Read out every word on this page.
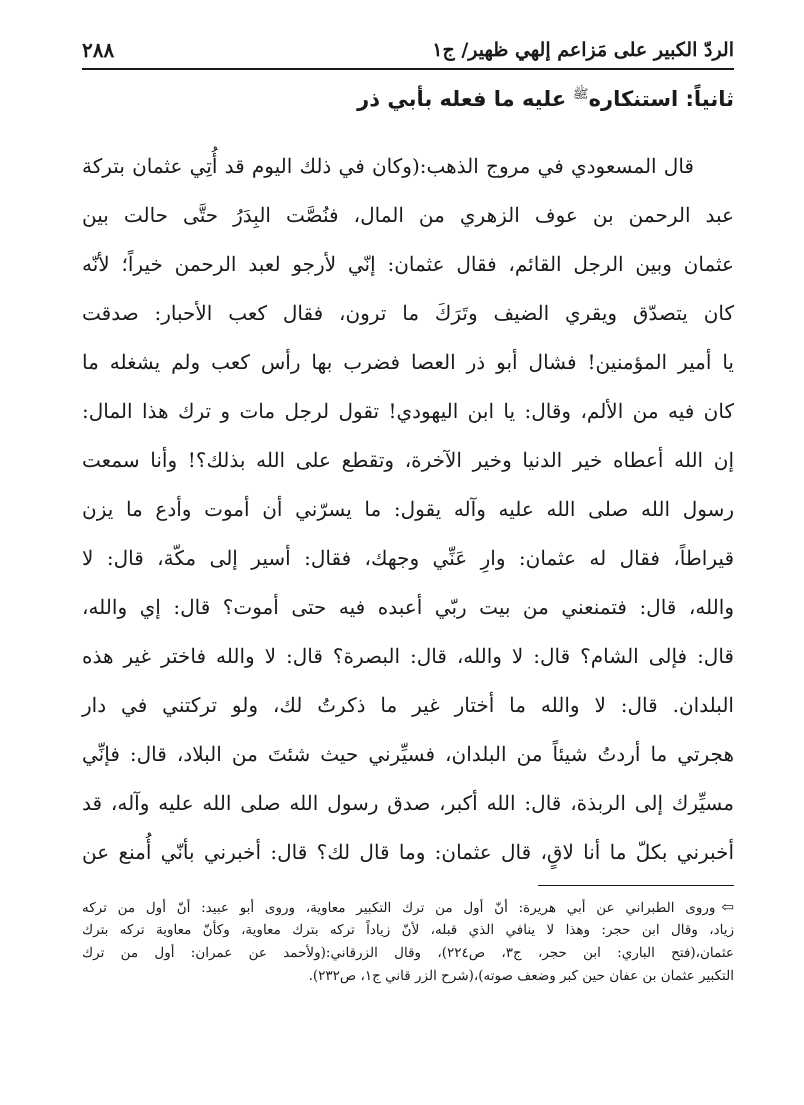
الردّ الكبير على مَزاعم إلهي ظهير/ ج١
٢٨٨
ثانياً: استنكاره$^ﷺ$ عليه ما فعله بأبي ذر
قال المسعودي في مروج الذهب:(وكان في ذلك اليوم قد أُتِي عثمان بتركة
عبد الرحمن بن عوف الزهري من المال، فنُصَّت البِدَرُ حتَّى حالت بين
عثمان وبين الرجل القائم، فقال عثمان: إنّي لأرجو لعبد الرحمن خيراً؛ لأنّه
كان يتصدّق ويقري الضيف وتَرَكَ ما ترون، فقال كعب الأحبار: صدقت
يا أمير المؤمنين! فشال أبو ذر العصا فضرب بها رأس كعب ولم يشغله ما
كان فيه من الألم، وقال: يا ابن اليهودي! تقول لرجل مات و ترك هذا المال:
إن الله أعطاه خير الدنيا وخير الآخرة، وتقطع على الله بذلك؟! وأنا سمعت
رسول الله صلى الله عليه وآله يقول: ما يسرّني أن أموت وأدع ما يزن
قيراطاً، فقال له عثمان: وارِ عَنِّي وجهك، فقال: أسير إلى مكّة، قال: لا
والله، قال: فتمنعني من بيت ربّي أعبده فيه حتى أموت؟ قال: إي والله،
قال: فإلى الشام؟ قال: لا والله، قال: البصرة؟ قال: لا والله فاختر غير هذه
البلدان. قال: لا والله ما أختار غير ما ذكرتُ لك، ولو تركتني في دار
هجرتي ما أردتُ شيئاً من البلدان، فسيِّرني حيث شئتَ من البلاد، قال: فإنِّي
مسيِّرك إلى الربذة، قال: الله أكبر، صدق رسول الله صلى الله عليه وآله، قد
أخبرني بكلّ ما أنا لاقٍ، قال عثمان: وما قال لك؟ قال: أخبرني بأنّي أُمنع عن
⇦وروى الطبراني عن أبي هريرة: أنّ أول من ترك التكبير معاوية، وروى أبو عبيد: أنّ أول من تركه
زياد، وقال ابن حجر: وهذا لا ينافي الذي قبله، لأنّ زياداً تركه بترك معاوية، وكأنّ معاوية تركه بترك
عثمان،(فتح الباري: ابن حجر، ج٣، ص٢٢٤)، وقال الزرقاني:(ولأحمد عن عمران: أول من ترك
التكبير عثمان بن عفان حين كبر وضعف صوته)،(شرح الزر قاني ج١، ص٢٣٢).
